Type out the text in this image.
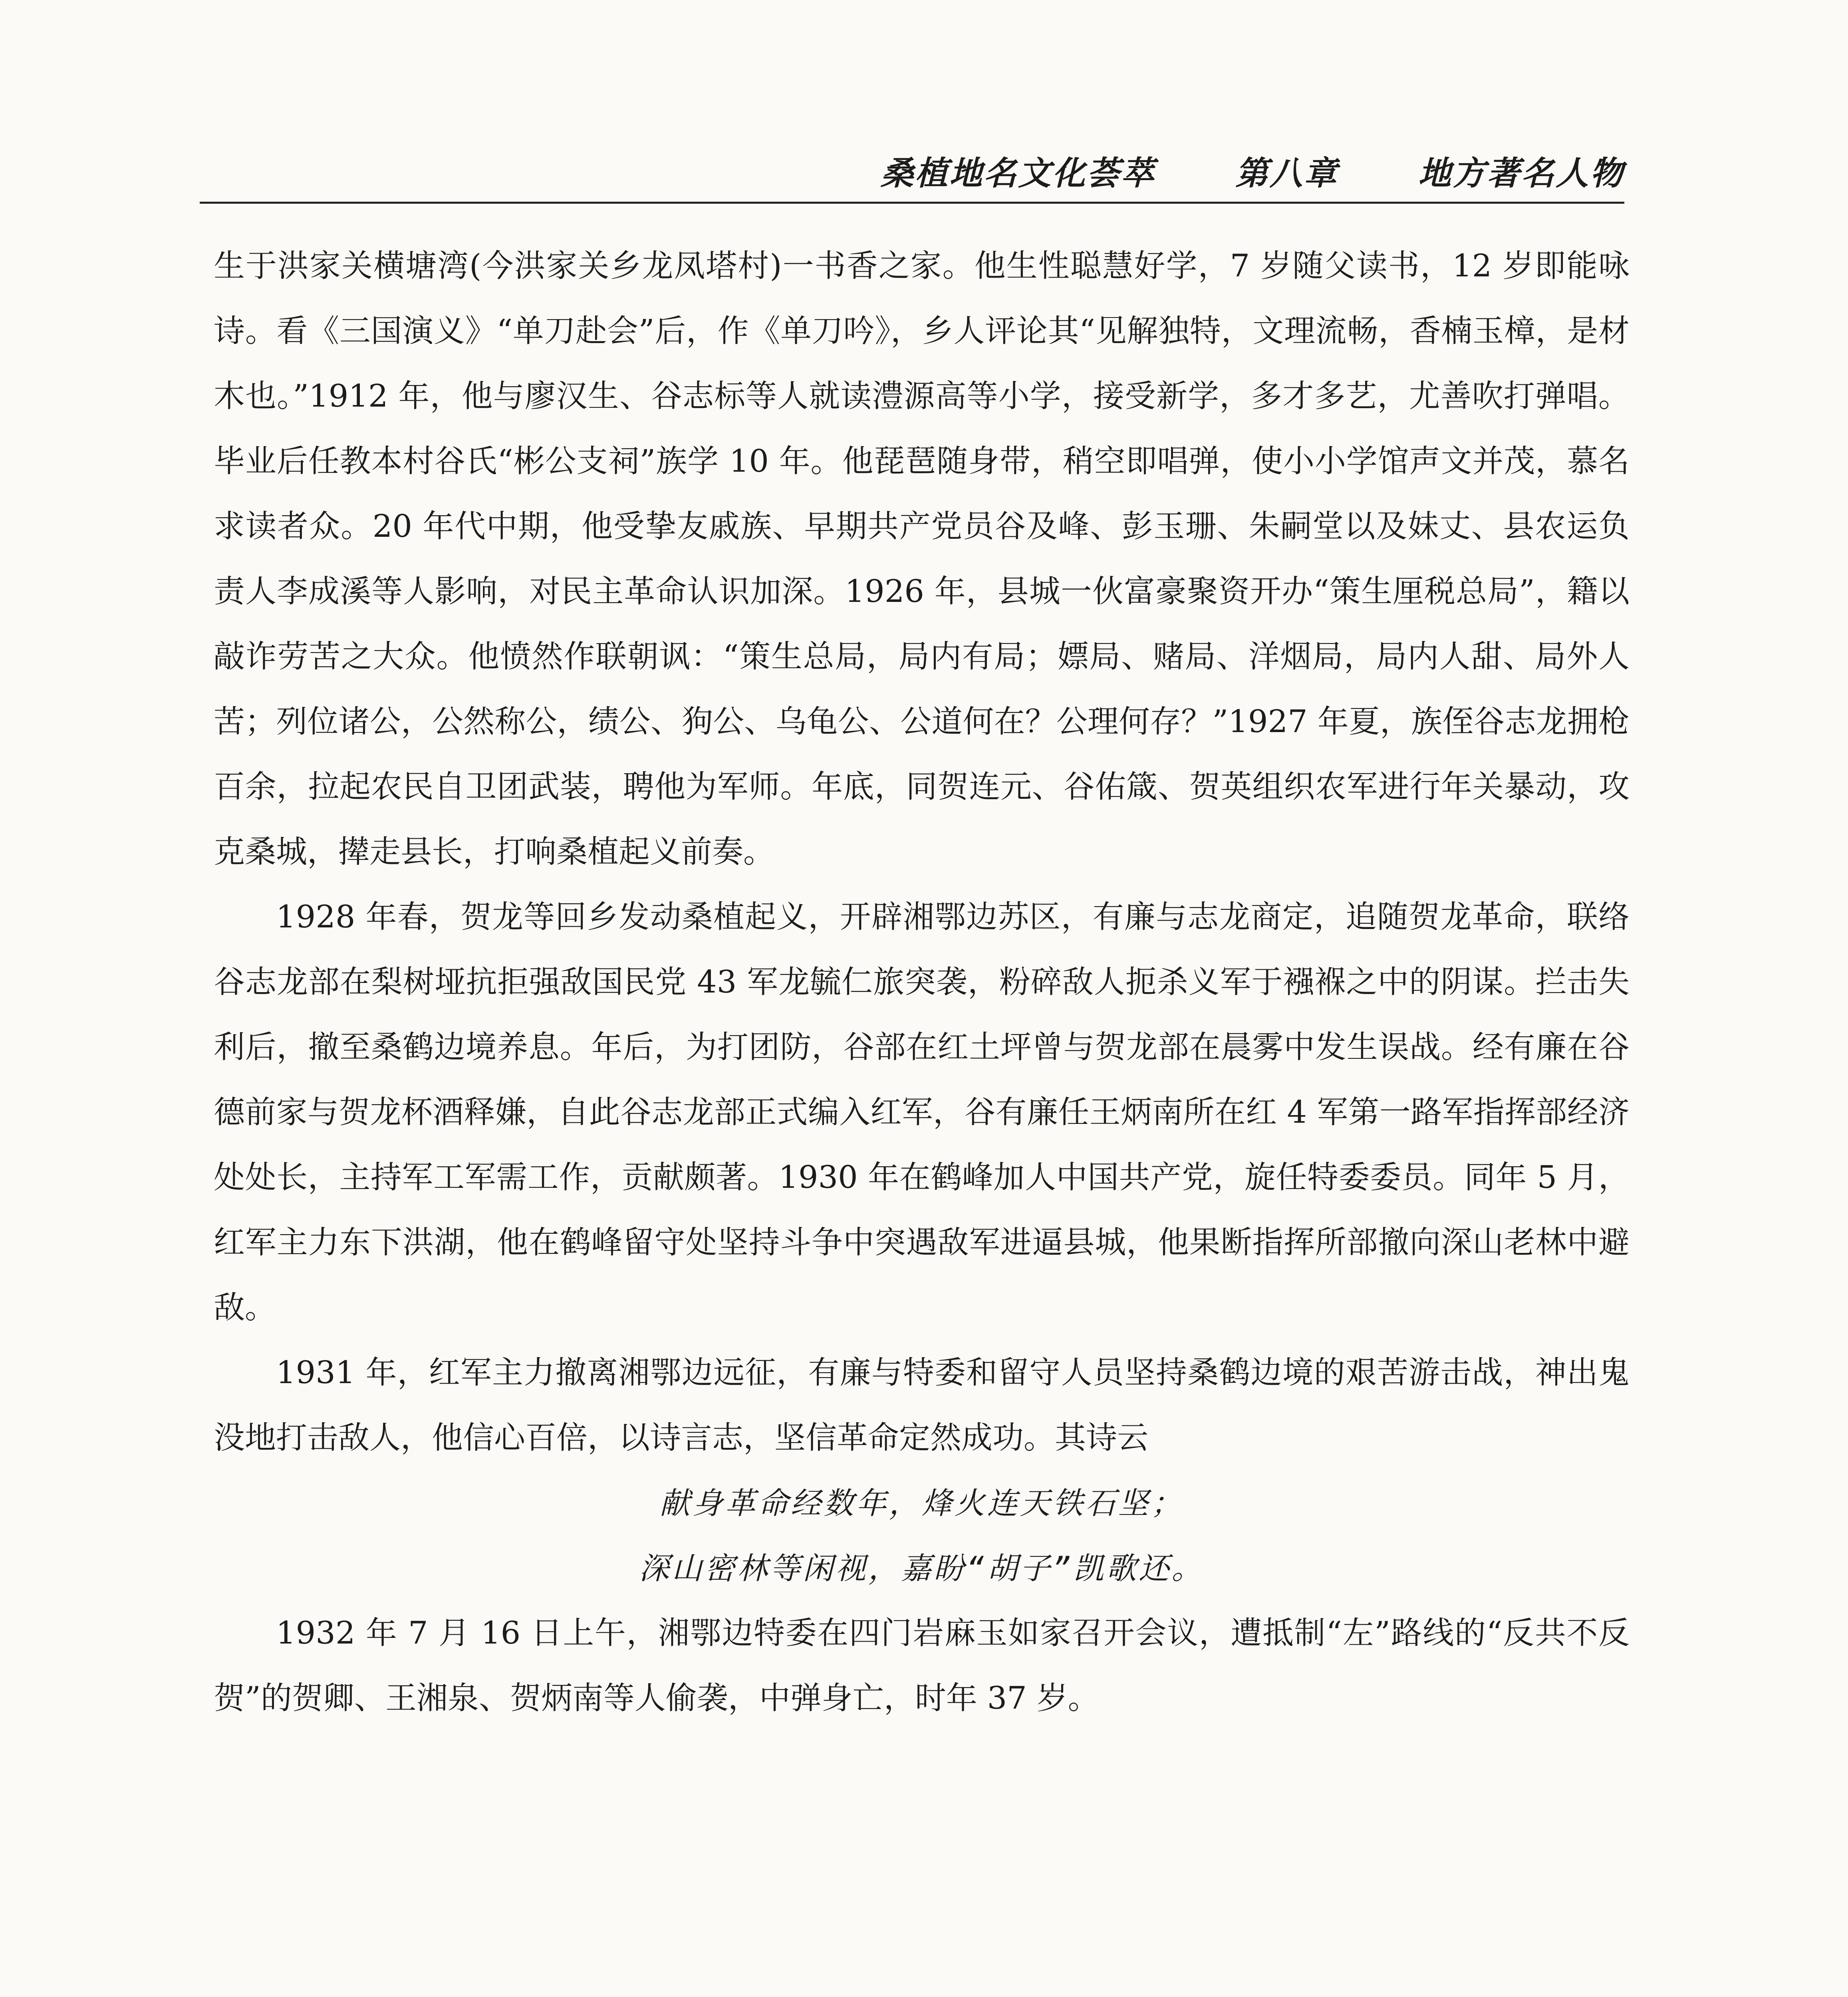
桑植地名文化荟萃 第八章 地方著名人物

生于洪家关横塘湾(今洪家关乡龙凤塔村)一书香之家。他生性聪慧好学，7 岁随父读书，12 岁即能咏诗。看《三国演义》“单刀赴会”后，作《单刀吟》，乡人评论其“见解独特，文理流畅，香楠玉樟，是材木也。”1912 年，他与廖汉生、谷志标等人就读澧源高等小学，接受新学，多才多艺，尤善吹打弹唱。毕业后任教本村谷氏“彬公支祠”族学 10 年。他琵琶随身带，稍空即唱弹，使小小学馆声文并茂，慕名求读者众。20 年代中期，他受挚友戚族、早期共产党员谷及峰、彭玉珊、朱嗣堂以及妹丈、县农运负责人李成溪等人影响，对民主革命认识加深。1926 年，县城一伙富豪聚资开办“策生厘税总局”，籍以敲诈劳苦之大众。他愤然作联朝讽：“策生总局，局内有局；嫖局、赌局、洋烟局，局内人甜、局外人苦；列位诸公，公然称公，绩公、狗公、乌龟公、公道何在？公理何存？”1927 年夏，族侄谷志龙拥枪百余，拉起农民自卫团武装，聘他为军师。年底，同贺连元、谷佑箴、贺英组织农军进行年关暴动，攻克桑城，撵走县长，打响桑植起义前奏。

1928 年春，贺龙等回乡发动桑植起义，开辟湘鄂边苏区，有廉与志龙商定，追随贺龙革命，联络谷志龙部在梨树垭抗拒强敌国民党 43 军龙毓仁旅突袭，粉碎敌人扼杀义军于襁褓之中的阴谋。拦击失利后，撤至桑鹤边境养息。年后，为打团防，谷部在红土坪曾与贺龙部在晨雾中发生误战。经有廉在谷德前家与贺龙杯酒释嫌，自此谷志龙部正式编入红军，谷有廉任王炳南所在红 4 军第一路军指挥部经济处处长，主持军工军需工作，贡献颇著。1930 年在鹤峰加人中国共产党，旋任特委委员。同年 5 月，红军主力东下洪湖，他在鹤峰留守处坚持斗争中突遇敌军进逼县城，他果断指挥所部撤向深山老林中避敌。

1931 年，红军主力撤离湘鄂边远征，有廉与特委和留守人员坚持桑鹤边境的艰苦游击战，神出鬼没地打击敌人，他信心百倍，以诗言志，坚信革命定然成功。其诗云

献身革命经数年，烽火连天铁石坚；

深山密林等闲视，嘉盼“胡子”凯歌还。

1932 年 7 月 16 日上午，湘鄂边特委在四门岩麻玉如家召开会议，遭抵制“左”路线的“反共不反贺”的贺卿、王湘泉、贺炳南等人偷袭，中弹身亡，时年 37 岁。
